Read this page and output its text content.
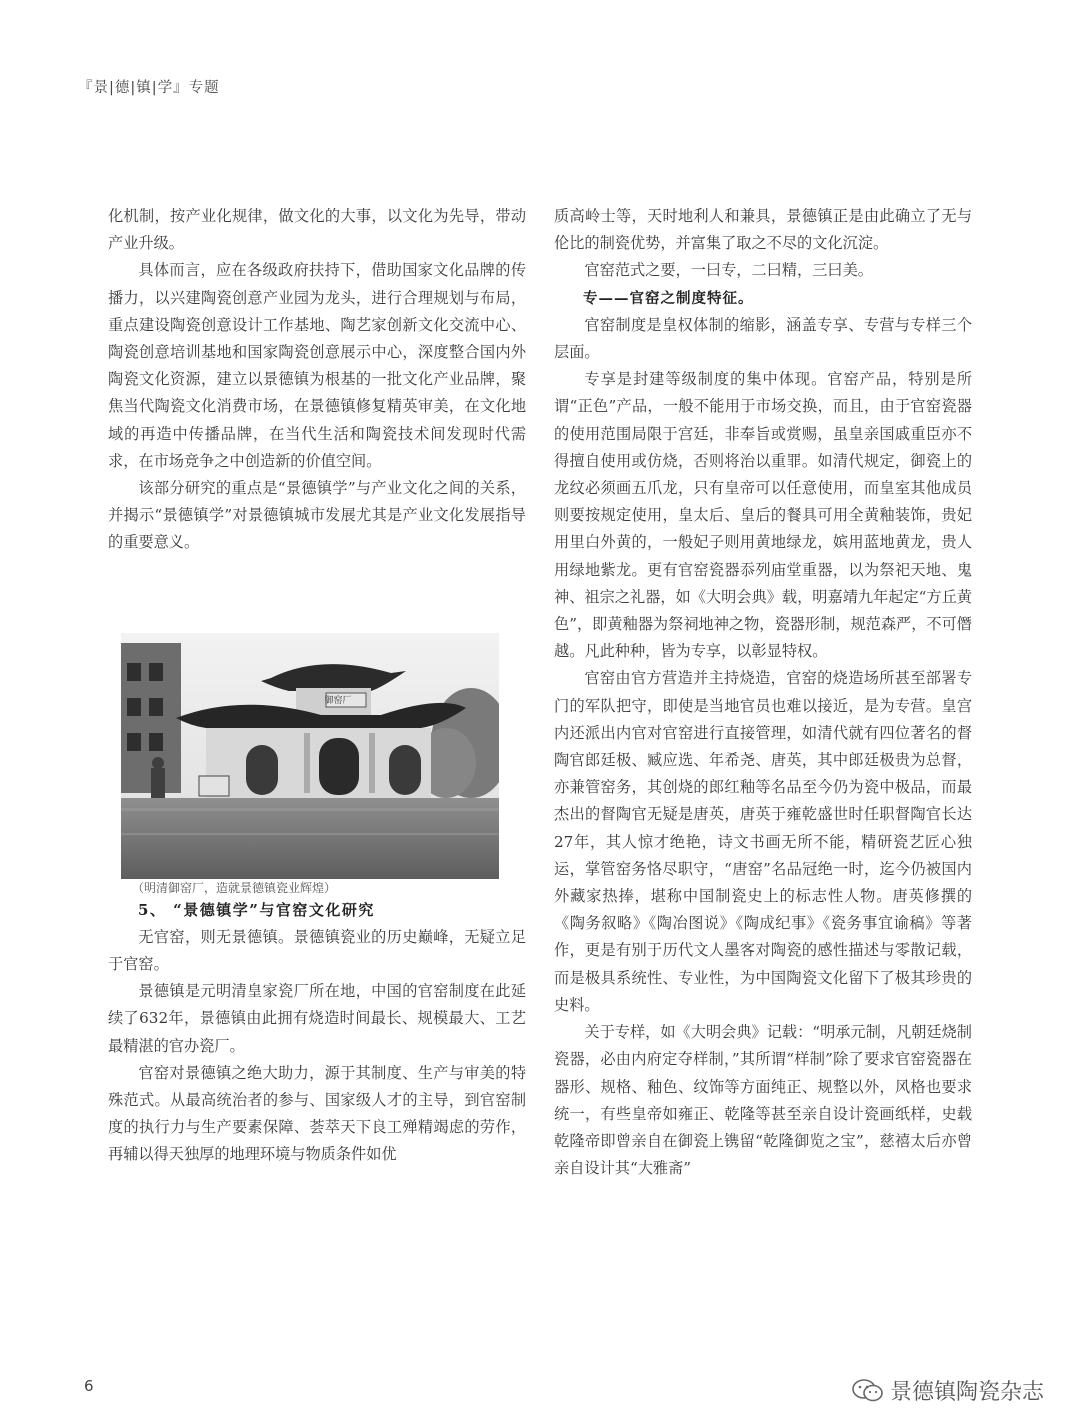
『景|德|镇|学』专题

化机制，按产业化规律，做文化的大事，以文化为先导，带动产业升级。

具体而言，应在各级政府扶持下，借助国家文化品牌的传播力，以兴建陶瓷创意产业园为龙头，进行合理规划与布局，重点建设陶瓷创意设计工作基地、陶艺家创新文化交流中心、陶瓷创意培训基地和国家陶瓷创意展示中心，深度整合国内外陶瓷文化资源，建立以景德镇为根基的一批文化产业品牌，聚焦当代陶瓷文化消费市场，在景德镇修复精英审美，在文化地域的再造中传播品牌，在当代生活和陶瓷技术间发现时代需求，在市场竞争之中创造新的价值空间。

该部分研究的重点是“景德镇学”与产业文化之间的关系，并揭示“景德镇学”对景德镇城市发展尤其是产业文化发展指导的重要意义。

御窑厂

（明清御窑厂，造就景德镇瓷业辉煌）

5、 “景德镇学”与官窑文化研究

无官窑，则无景德镇。景德镇瓷业的历史巅峰，无疑立足于官窑。

景德镇是元明清皇家瓷厂所在地，中国的官窑制度在此延续了632年，景德镇由此拥有烧造时间最长、规模最大、工艺最精湛的官办瓷厂。

官窑对景德镇之绝大助力，源于其制度、生产与审美的特殊范式。从最高统治者的参与、国家级人才的主导，到官窑制度的执行力与生产要素保障、荟萃天下良工殚精竭虑的劳作，再辅以得天独厚的地理环境与物质条件如优

质高岭士等，天时地利人和兼具，景德镇正是由此确立了无与伦比的制瓷优势，并富集了取之不尽的文化沉淀。

官窑范式之要，一曰专，二曰精，三曰美。

专——官窑之制度特征。

官窑制度是皇权体制的缩影，涵盖专享、专营与专样三个层面。

专享是封建等级制度的集中体现。官窑产品，特别是所谓“正色”产品，一般不能用于市场交换，而且，由于官窑瓷器的使用范围局限于宫廷，非奉旨或赏赐，虽皇亲国戚重臣亦不得擅自使用或仿烧，否则将治以重罪。如清代规定，御瓷上的龙纹必须画五爪龙，只有皇帝可以任意使用，而皇室其他成员则要按规定使用，皇太后、皇后的餐具可用全黄釉装饰，贵妃用里白外黄的，一般妃子则用黄地绿龙，嫔用蓝地黄龙，贵人用绿地紫龙。更有官窑瓷器忝列庙堂重器，以为祭祀天地、鬼神、祖宗之礼器，如《大明会典》载，明嘉靖九年起定“方丘黄色”，即黄釉器为祭祠地神之物，瓷器形制，规范森严，不可僭越。凡此种种，皆为专享，以彰显特权。

官窑由官方营造并主持烧造，官窑的烧造场所甚至部署专门的军队把守，即使是当地官员也难以接近，是为专营。皇宫内还派出内官对官窑进行直接管理，如清代就有四位著名的督陶官郎廷极、臧应选、年希尧、唐英，其中郎廷极贵为总督，亦兼管窑务，其创烧的郎红釉等名品至今仍为瓷中极品，而最杰出的督陶官无疑是唐英，唐英于雍乾盛世时任职督陶官长达27年，其人惊才绝艳，诗文书画无所不能，精研瓷艺匠心独运，掌管窑务恪尽职守，“唐窑”名品冠绝一时，迄今仍被国内外藏家热捧，堪称中国制瓷史上的标志性人物。唐英修撰的《陶务叙略》《陶冶图说》《陶成纪事》《瓷务事宜谕稿》等著作，更是有别于历代文人墨客对陶瓷的感性描述与零散记载，而是极具系统性、专业性，为中国陶瓷文化留下了极其珍贵的史料。

关于专样，如《大明会典》记载：“明承元制，凡朝廷烧制瓷器，必由内府定夺样制，”其所谓“样制”除了要求官窑瓷器在器形、规格、釉色、纹饰等方面纯正、规整以外，风格也要求统一，有些皇帝如雍正、乾隆等甚至亲自设计瓷画纸样，史载乾隆帝即曾亲自在御瓷上镌留“乾隆御览之宝”，慈禧太后亦曾亲自设计其“大雅斋”

6	景德镇陶瓷杂志
